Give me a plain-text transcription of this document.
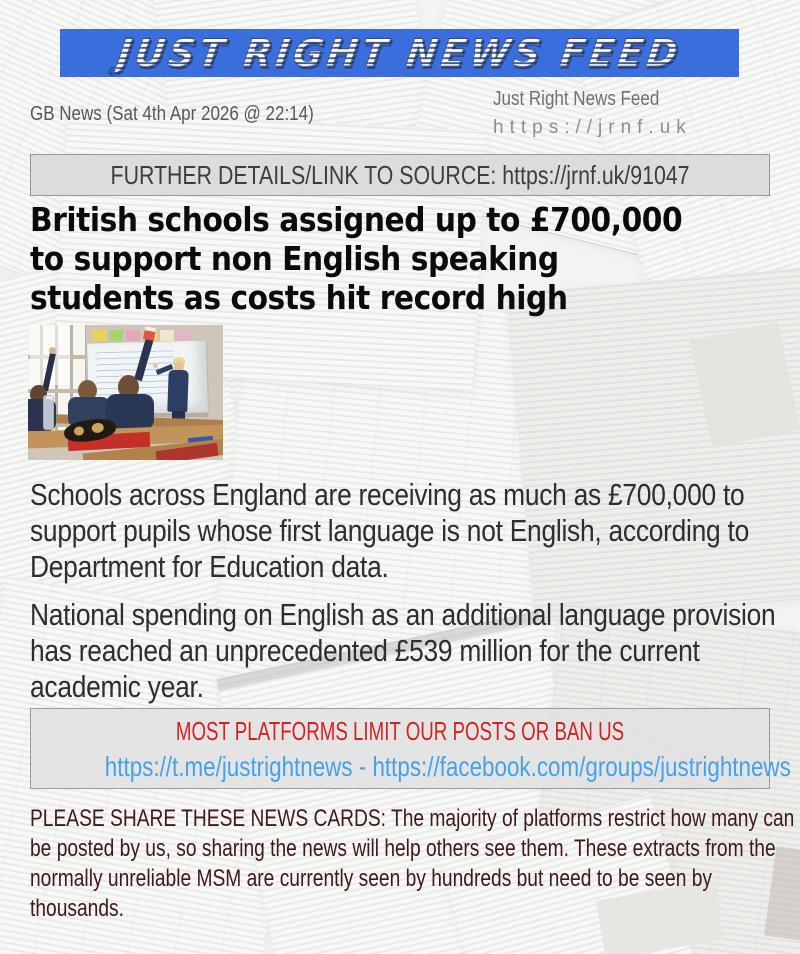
JUST RIGHT NEWS FEED
GB News (Sat 4th Apr 2026 @ 22:14)
Just Right News Feed
https://jrnf.uk
FURTHER DETAILS/LINK TO SOURCE: https://jrnf.uk/91047
British schools assigned up to £700,000
to support non English speaking
students as costs hit record high
Schools across England are receiving as much as £700,000 to
support pupils whose first language is not English, according to
Department for Education data.
National spending on English as an additional language provision
has reached an unprecedented £539 million for the current
academic year.
MOST PLATFORMS LIMIT OUR POSTS OR BAN US
https://t.me/justrightnews - https://facebook.com/groups/justrightnews
PLEASE SHARE THESE NEWS CARDS: The majority of platforms restrict how many can
be posted by us, so sharing the news will help others see them. These extracts from the
normally unreliable MSM are currently seen by hundreds but need to be seen by
thousands.
